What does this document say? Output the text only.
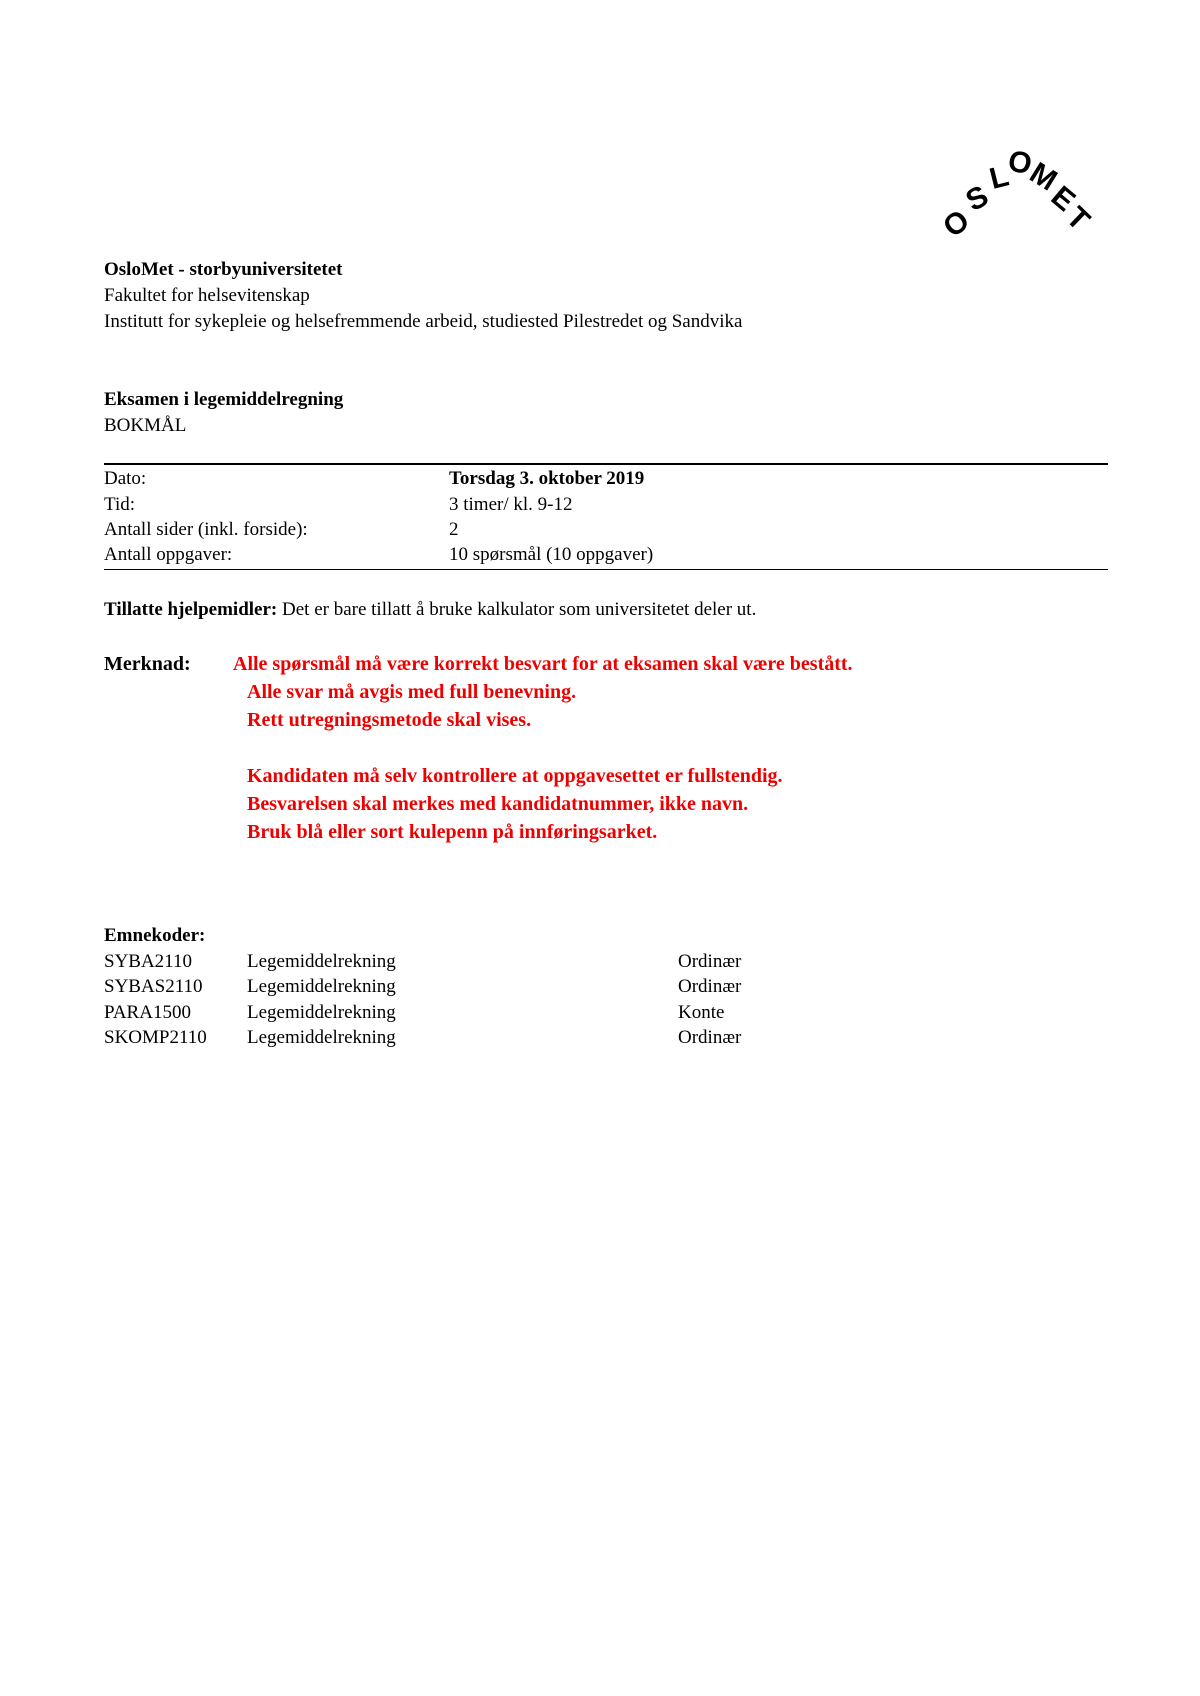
O
S
L
O
M
E
T
OsloMet - storbyuniversitetet
Fakultet for helsevitenskap
Institutt for sykepleie og helsefremmende arbeid, studiested Pilestredet og Sandvika
Eksamen i legemiddelregning
BOKMÅL
Dato:	Torsdag 3. oktober 2019
Tid:	3 timer/ kl. 9-12
Antall sider (inkl. forside):	2
Antall oppgaver:	10 spørsmål (10 oppgaver)
Tillatte hjelpemidler: Det er bare tillatt å bruke kalkulator som universitetet deler ut.
Merknad: Alle spørsmål må være korrekt besvart for at eksamen skal være bestått.
Alle svar må avgis med full benevning.
Rett utregningsmetode skal vises.
Kandidaten må selv kontrollere at oppgavesettet er fullstendig.
Besvarelsen skal merkes med kandidatnummer, ikke navn.
Bruk blå eller sort kulepenn på innføringsarket.
Emnekoder:
SYBA2110	Legemiddelrekning	Ordinær
SYBAS2110 Legemiddelrekning	Ordinær
PARA1500	Legemiddelrekning	Konte
SKOMP2110 Legemiddelrekning	Ordinær
